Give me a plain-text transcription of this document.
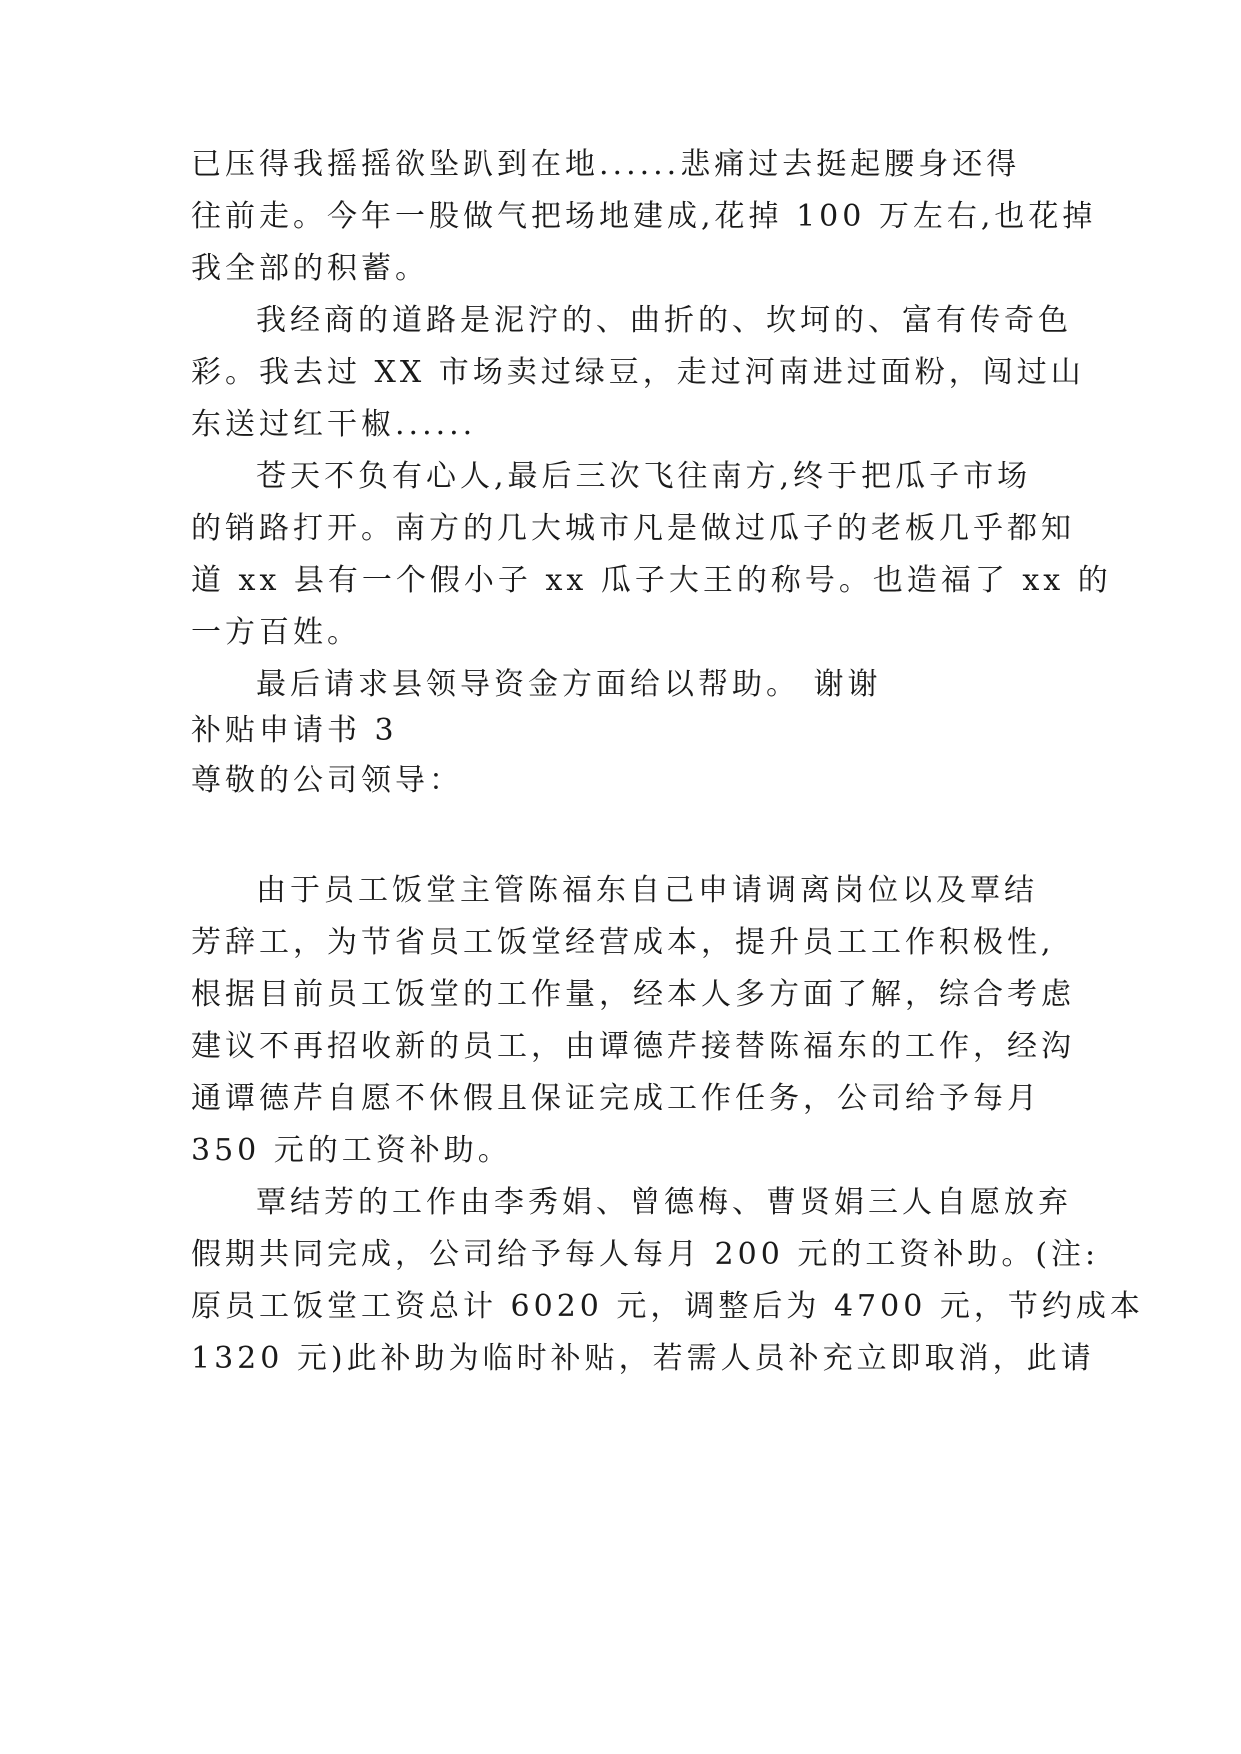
已压得我摇摇欲坠趴到在地......悲痛过去挺起腰身还得
往前走。今年一股做气把场地建成,花掉 100 万左右,也花掉
我全部的积蓄。
我经商的道路是泥泞的、曲折的、坎坷的、富有传奇色
彩。我去过 XX 市场卖过绿豆，走过河南进过面粉，闯过山
东送过红干椒......
苍天不负有心人,最后三次飞往南方,终于把瓜子市场
的销路打开。南方的几大城市凡是做过瓜子的老板几乎都知
道 xx 县有一个假小子 xx 瓜子大王的称号。也造福了 xx 的
一方百姓。
最后请求县领导资金方面给以帮助。 谢谢
补贴申请书 3
尊敬的公司领导：
由于员工饭堂主管陈福东自己申请调离岗位以及覃结
芳辞工，为节省员工饭堂经营成本，提升员工工作积极性,
根据目前员工饭堂的工作量，经本人多方面了解，综合考虑
建议不再招收新的员工，由谭德芹接替陈福东的工作，经沟
通谭德芹自愿不休假且保证完成工作任务，公司给予每月
350 元的工资补助。
覃结芳的工作由李秀娟、曾德梅、曹贤娟三人自愿放弃
假期共同完成，公司给予每人每月 200 元的工资补助。(注:
原员工饭堂工资总计 6020 元，调整后为 4700 元，节约成本
1320 元)此补助为临时补贴，若需人员补充立即取消，此请
